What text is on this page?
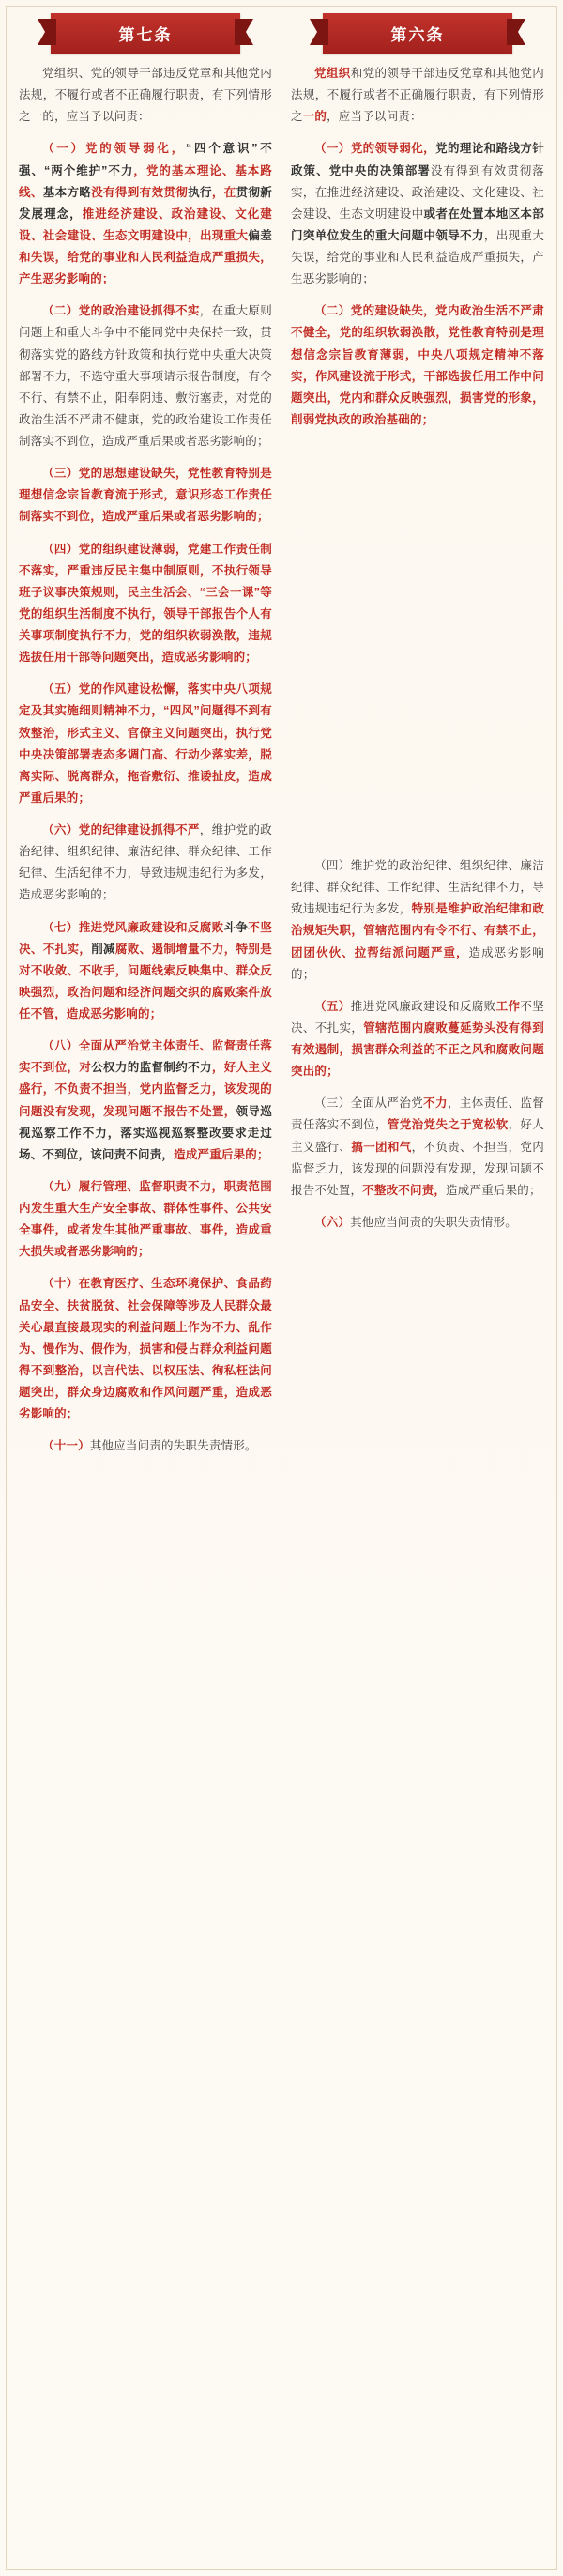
第七条

党组织、党的领导干部违反党章和其他党内法规，不履行或者不正确履行职责，有下列情形之一的，应当予以问责：

（一）党的领导弱化，“四个意识”不强、“两个维护”不力，党的基本理论、基本路线、基本方略没有得到有效贯彻执行，在贯彻新发展理念，推进经济建设、政治建设、文化建设、社会建设、生态文明建设中，出现重大偏差和失误，给党的事业和人民利益造成严重损失，产生恶劣影响的；

（二）党的政治建设抓得不实，在重大原则问题上和重大斗争中不能同党中央保持一致，贯彻落实党的路线方针政策和执行党中央重大决策部署不力，不选守重大事项请示报告制度，有令不行、有禁不止，阳奉阴违、敷衍塞责，对党的政治生活不严肃不健康，党的政治建设工作责任制落实不到位，造成严重后果或者恶劣影响的；

（三）党的思想建设缺失，党性教育特别是理想信念宗旨教育流于形式，意识形态工作责任制落实不到位，造成严重后果或者恶劣影响的；

（四）党的组织建设薄弱，党建工作责任制不落实，严重违反民主集中制原则，不执行领导班子议事决策规则，民主生活会、“三会一课”等党的组织生活制度不执行，领导干部报告个人有关事项制度执行不力，党的组织软弱涣散，违规选拔任用干部等问题突出，造成恶劣影响的；

（五）党的作风建设松懈，落实中央八项规定及其实施细则精神不力，“四风”问题得不到有效整治，形式主义、官僚主义问题突出，执行党中央决策部署表态多调门高、行动少落实差，脱离实际、脱离群众，拖沓敷衍、推诿扯皮，造成严重后果的；

（六）党的纪律建设抓得不严，维护党的政治纪律、组织纪律、廉洁纪律、群众纪律、工作纪律、生活纪律不力，导致违规违纪行为多发，造成恶劣影响的；

（七）推进党风廉政建设和反腐败斗争不坚决、不扎实，削减腐败、遏制增量不力，特别是对不收敛、不收手，问题线索反映集中、群众反映强烈，政治问题和经济问题交织的腐败案件放任不管，造成恶劣影响的；

（八）全面从严治党主体责任、监督责任落实不到位，对公权力的监督制约不力，好人主义盛行，不负责不担当，党内监督乏力，该发现的问题没有发现，发现问题不报告不处置，领导巡视巡察工作不力，落实巡视巡察整改要求走过场、不到位，该问责不问责，造成严重后果的；

（九）履行管理、监督职责不力，职责范围内发生重大生产安全事故、群体性事件、公共安全事件，或者发生其他严重事故、事件，造成重大损失或者恶劣影响的；

（十）在教育医疗、生态环境保护、食品药品安全、扶贫脱贫、社会保障等涉及人民群众最关心最直接最现实的利益问题上作为不力、乱作为、慢作为、假作为，损害和侵占群众利益问题得不到整治，以言代法、以权压法、徇私枉法问题突出，群众身边腐败和作风问题严重，造成恶劣影响的；

（十一）其他应当问责的失职失责情形。

第六条

党组织和党的领导干部违反党章和其他党内法规，不履行或者不正确履行职责，有下列情形之一的，应当予以问责：

（一）党的领导弱化，党的理论和路线方针政策、党中央的决策部署没有得到有效贯彻落实，在推进经济建设、政治建设、文化建设、社会建设、生态文明建设中或者在处置本地区本部门突单位发生的重大问题中领导不力，出现重大失误，给党的事业和人民利益造成严重损失，产生恶劣影响的；

（二）党的建设缺失，党内政治生活不严肃不健全，党的组织软弱涣散，党性教育特别是理想信念宗旨教育薄弱，中央八项规定精神不落实，作风建设流于形式，干部选拔任用工作中问题突出，党内和群众反映强烈，损害党的形象，削弱党执政的政治基础的；

（四）维护党的政治纪律、组织纪律、廉洁纪律、群众纪律、工作纪律、生活纪律不力，导致违规违纪行为多发，特别是维护政治纪律和政治规矩失职，管辖范围内有令不行、有禁不止，团团伙伙、拉帮结派问题严重，造成恶劣影响的；

（五）推进党风廉政建设和反腐败工作不坚决、不扎实，管辖范围内腐败蔓延势头没有得到有效遏制，损害群众利益的不正之风和腐败问题突出的；

（三）全面从严治党不力，主体责任、监督责任落实不到位，管党治党失之于宽松软，好人主义盛行、搞一团和气，不负责、不担当，党内监督乏力，该发现的问题没有发现，发现问题不报告不处置，不整改不问责，造成严重后果的；

（六）其他应当问责的失职失责情形。
